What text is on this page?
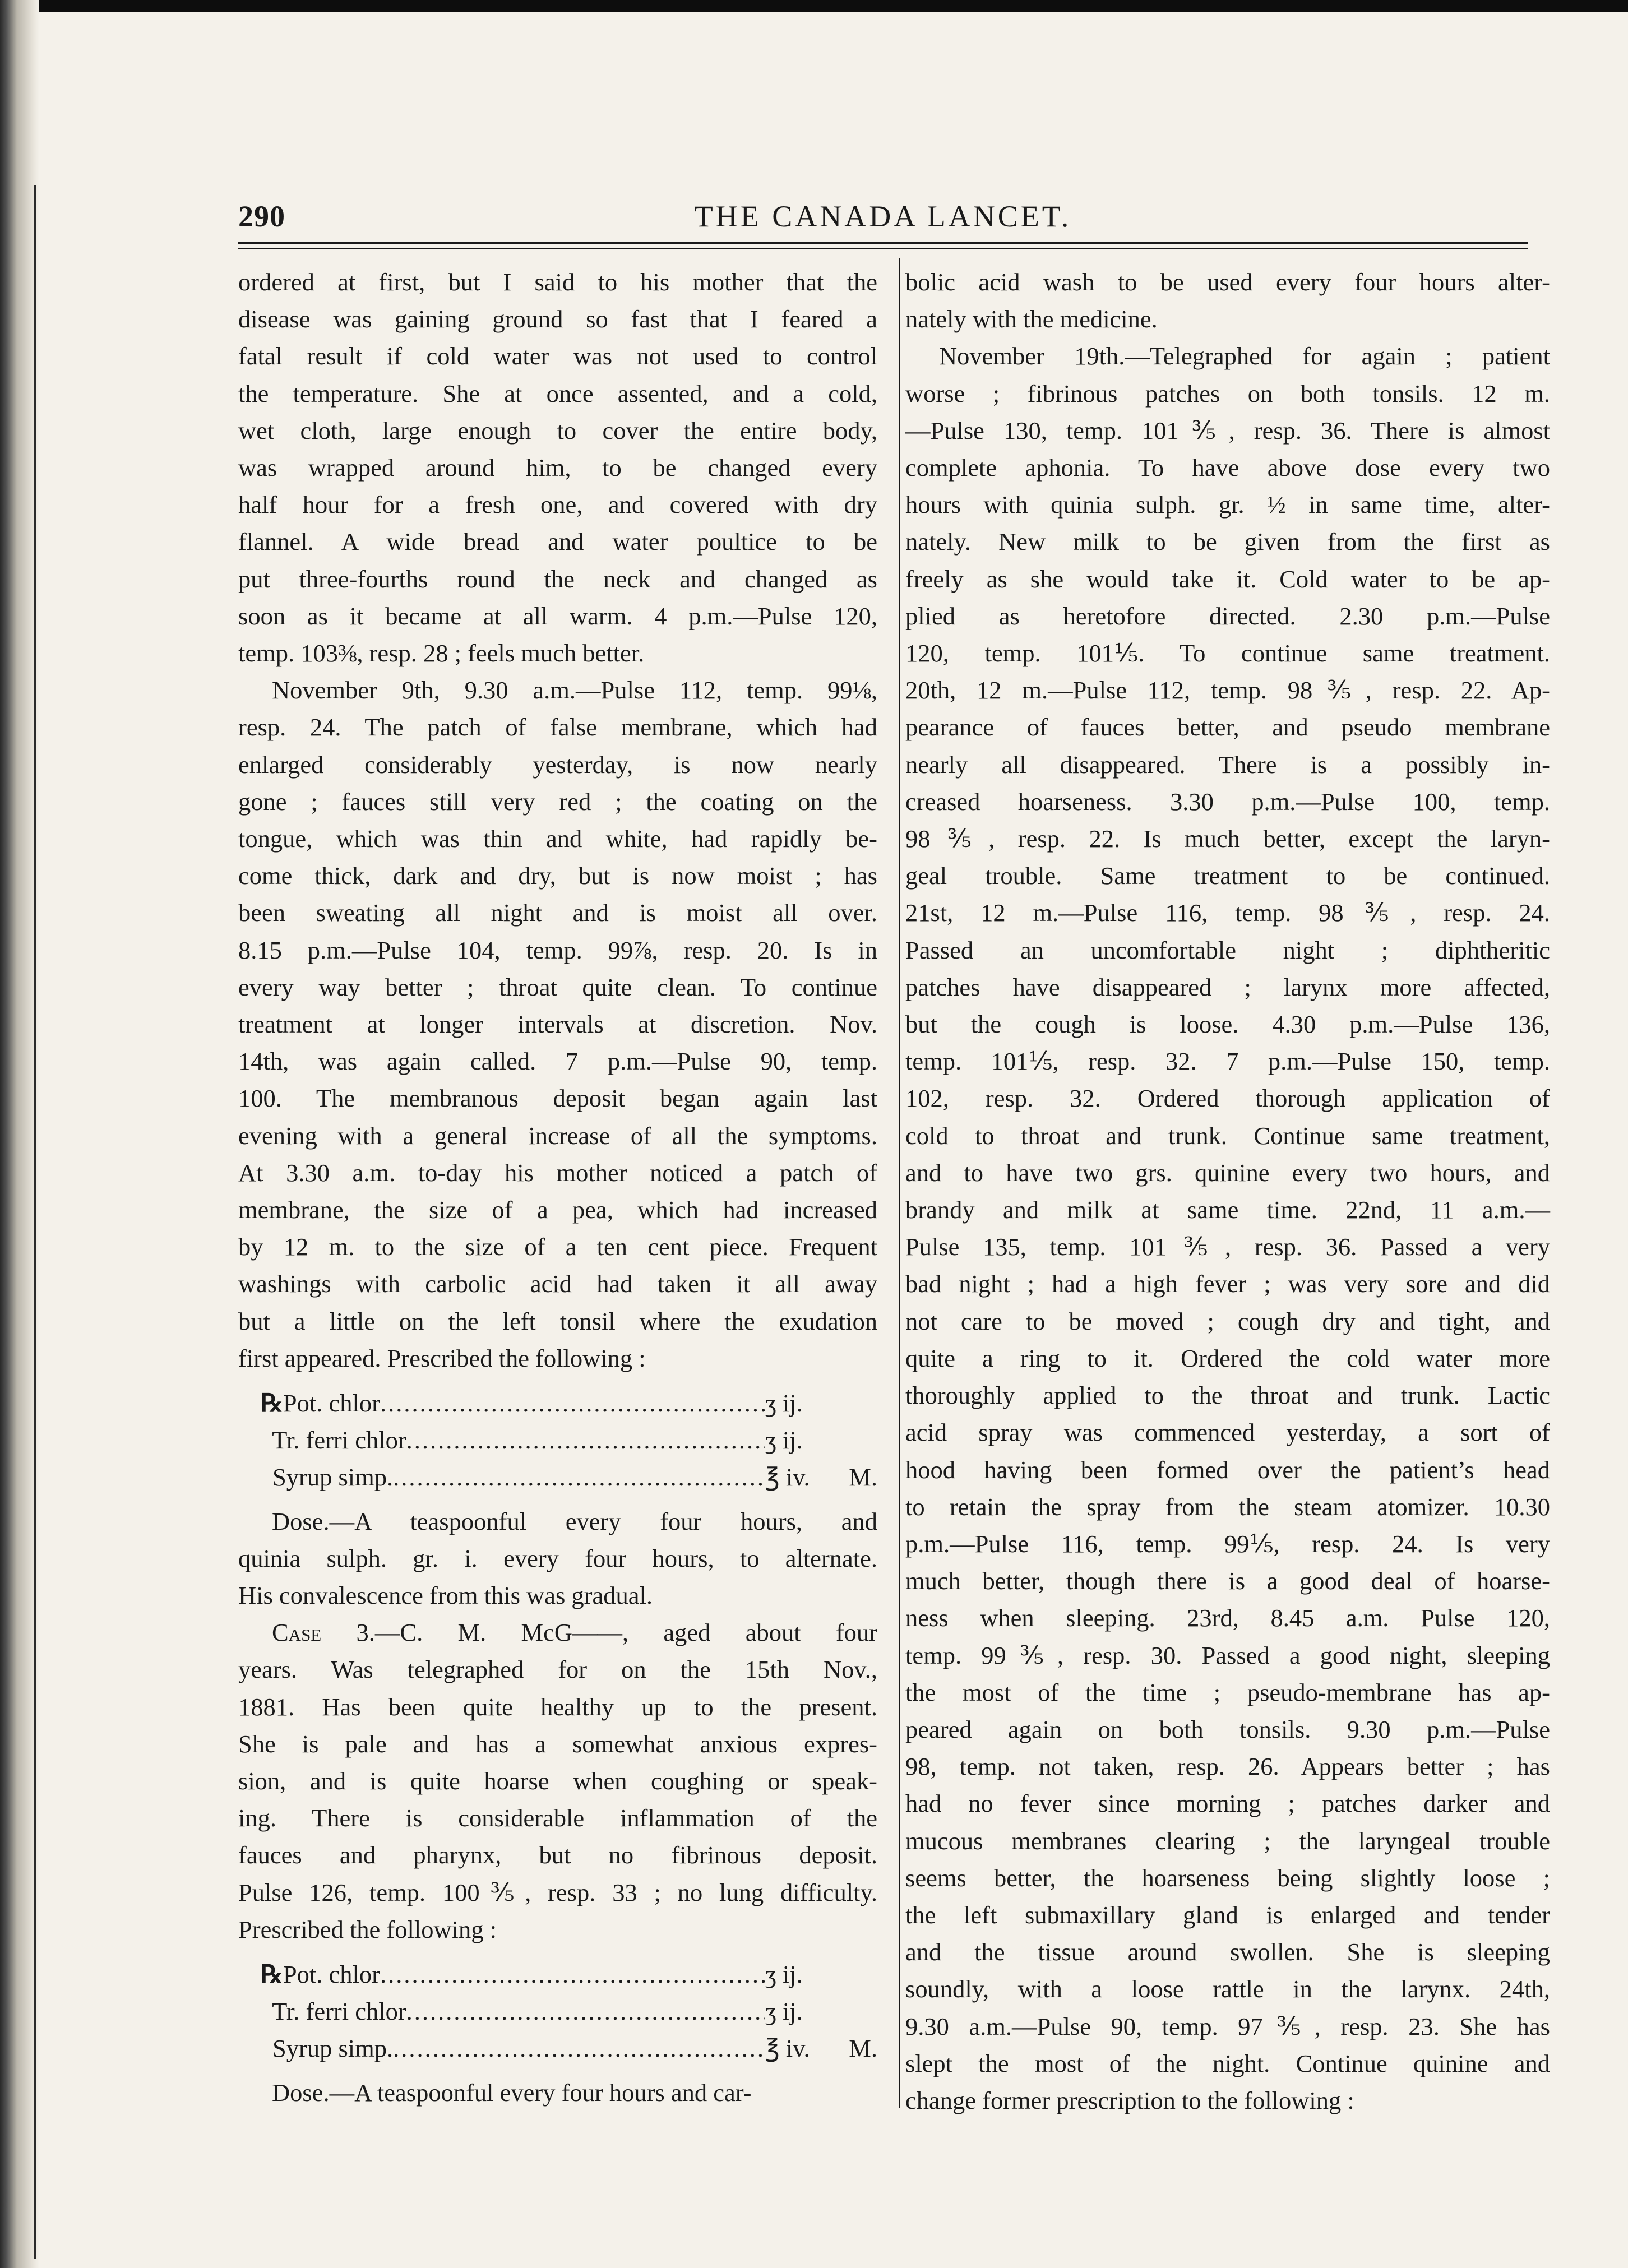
290	THE CANADA LANCET.

ordered at first, but I said to his mother that the
disease was gaining ground so fast that I feared a
fatal result if cold water was not used to control
the temperature. She at once assented, and a cold,
wet cloth, large enough to cover the entire body,
was wrapped around him, to be changed every
half hour for a fresh one, and covered with dry
flannel. A wide bread and water poultice to be
put three-fourths round the neck and changed as
soon as it became at all warm. 4 p.m.—Pulse 120,
temp. 103⅜, resp. 28 ; feels much better.

November 9th, 9.30 a.m.—Pulse 112, temp. 99⅛,
resp. 24. The patch of false membrane, which had
enlarged considerably yesterday, is now nearly
gone ; fauces still very red ; the coating on the
tongue, which was thin and white, had rapidly be-
come thick, dark and dry, but is now moist ; has
been sweating all night and is moist all over.
8.15 p.m.—Pulse 104, temp. 99⅞, resp. 20. Is in
every way better ; throat quite clean. To continue
treatment at longer intervals at discretion. Nov.
14th, was again called. 7 p.m.—Pulse 90, temp.
100. The membranous deposit began again last
evening with a general increase of all the symptoms.
At 3.30 a.m. to-day his mother noticed a patch of
membrane, the size of a pea, which had increased
by 12 m. to the size of a ten cent piece. Frequent
washings with carbolic acid had taken it all away
but a little on the left tonsil where the exudation
first appeared. Prescribed the following :

℞ Pot. chlor .....	ʒ ij.
Tr. ferri chlor .....	ʒ ij.
Syrup simp. .....	℥ iv.	M.

Dose.—A teaspoonful every four hours, and
quinia sulph. gr. i. every four hours, to alternate.
His convalescence from this was gradual.

Case 3.—C. M. McG——, aged about four
years. Was telegraphed for on the 15th Nov.,
1881. Has been quite healthy up to the present.
She is pale and has a somewhat anxious expres-
sion, and is quite hoarse when coughing or speak-
ing. There is considerable inflammation of the
fauces and pharynx, but no fibrinous deposit.
Pulse 126, temp. 100⅗, resp. 33 ; no lung difficulty.
Prescribed the following :

℞ Pot. chlor .....	ʒ ij.
Tr. ferri chlor .....	ʒ ij.
Syrup simp. .....	℥ iv.	M.

Dose.—A teaspoonful every four hours and car-

bolic acid wash to be used every four hours alter-
nately with the medicine.

November 19th.—Telegraphed for again ; patient
worse ; fibrinous patches on both tonsils. 12 m.
—Pulse 130, temp. 101⅗, resp. 36. There is almost
complete aphonia. To have above dose every two
hours with quinia sulph. gr. ½ in same time, alter-
nately. New milk to be given from the first as
freely as she would take it. Cold water to be ap-
plied as heretofore directed. 2.30 p.m.—Pulse
120, temp. 101⅕. To continue same treatment.
20th, 12 m.—Pulse 112, temp. 98⅗, resp. 22. Ap-
pearance of fauces better, and pseudo membrane
nearly all disappeared. There is a possibly in-
creased hoarseness. 3.30 p.m.—Pulse 100, temp.
98⅗, resp. 22. Is much better, except the laryn-
geal trouble. Same treatment to be continued.
21st, 12 m.—Pulse 116, temp. 98⅗, resp. 24.
Passed an uncomfortable night ; diphtheritic
patches have disappeared ; larynx more affected,
but the cough is loose. 4.30 p.m.—Pulse 136,
temp. 101⅕, resp. 32. 7 p.m.—Pulse 150, temp.
102, resp. 32. Ordered thorough application of
cold to throat and trunk. Continue same treatment,
and to have two grs. quinine every two hours, and
brandy and milk at same time. 22nd, 11 a.m.—
Pulse 135, temp. 101⅗, resp. 36. Passed a very
bad night ; had a high fever ; was very sore and did
not care to be moved ; cough dry and tight, and
quite a ring to it. Ordered the cold water more
thoroughly applied to the throat and trunk. Lactic
acid spray was commenced yesterday, a sort of
hood having been formed over the patient’s head
to retain the spray from the steam atomizer. 10.30
p.m.—Pulse 116, temp. 99⅕, resp. 24. Is very
much better, though there is a good deal of hoarse-
ness when sleeping. 23rd, 8.45 a.m. Pulse 120,
temp. 99⅗, resp. 30. Passed a good night, sleeping
the most of the time ; pseudo-membrane has ap-
peared again on both tonsils. 9.30 p.m.—Pulse
98, temp. not taken, resp. 26. Appears better ; has
had no fever since morning ; patches darker and
mucous membranes clearing ; the laryngeal trouble
seems better, the hoarseness being slightly loose ;
the left submaxillary gland is enlarged and tender
and the tissue around swollen. She is sleeping
soundly, with a loose rattle in the larynx. 24th,
9.30 a.m.—Pulse 90, temp. 97⅗, resp. 23. She has
slept the most of the night. Continue quinine and
change former prescription to the following :
